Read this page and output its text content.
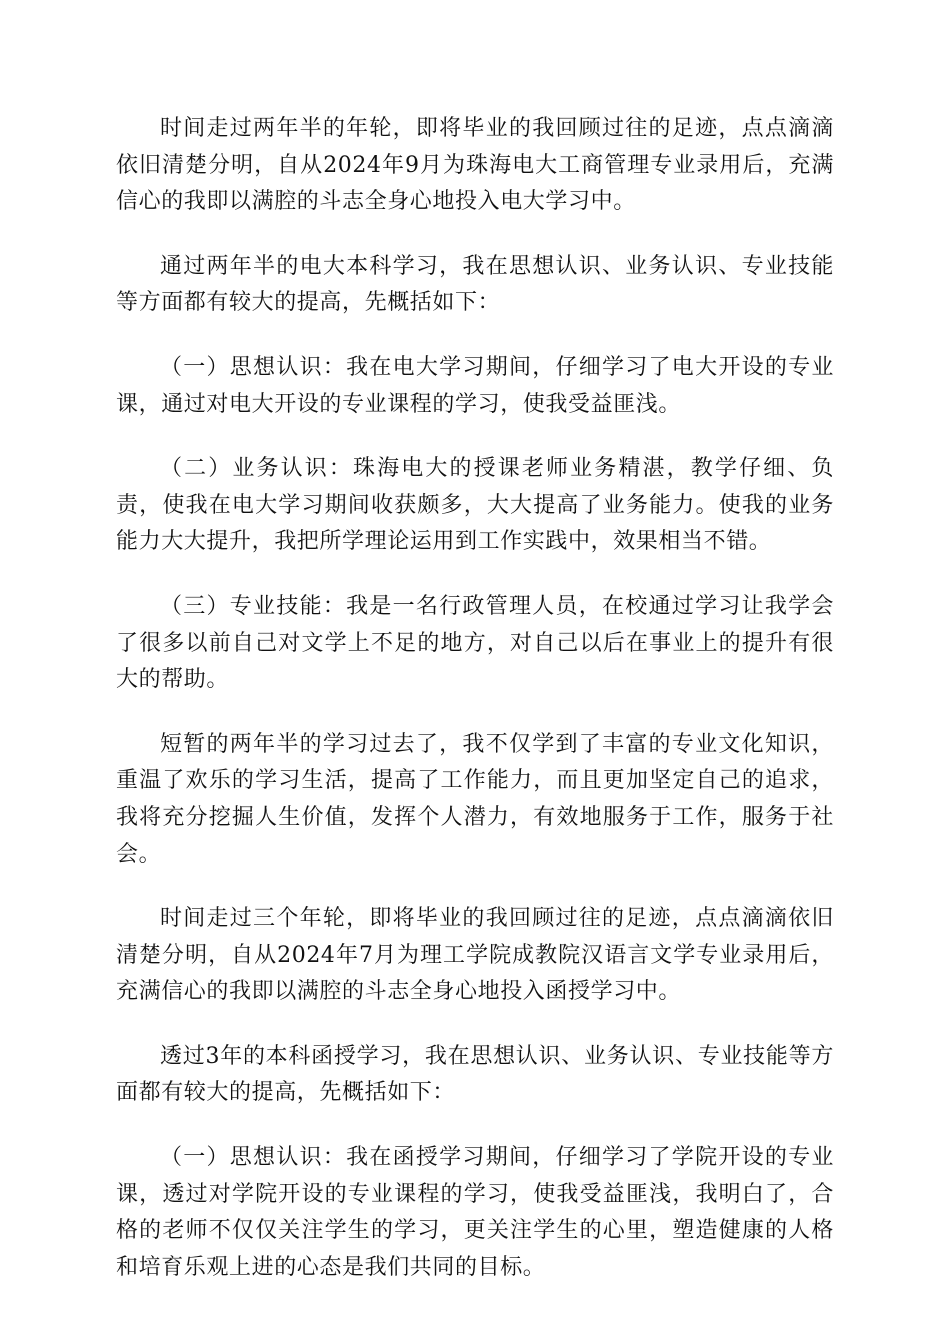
时间走过两年半的年轮，即将毕业的我回顾过往的足迹，点点滴滴依旧清楚分明，自从2024年9月为珠海电大工商管理专业录用后，充满信心的我即以满腔的斗志全身心地投入电大学习中。

通过两年半的电大本科学习，我在思想认识、业务认识、专业技能等方面都有较大的提高，先概括如下：

（一）思想认识：我在电大学习期间，仔细学习了电大开设的专业课，通过对电大开设的专业课程的学习，使我受益匪浅。

（二）业务认识：珠海电大的授课老师业务精湛，教学仔细、负责，使我在电大学习期间收获颇多，大大提高了业务能力。使我的业务能力大大提升，我把所学理论运用到工作实践中，效果相当不错。

（三）专业技能：我是一名行政管理人员，在校通过学习让我学会了很多以前自己对文学上不足的地方，对自己以后在事业上的提升有很大的帮助。

短暂的两年半的学习过去了，我不仅学到了丰富的专业文化知识，重温了欢乐的学习生活，提高了工作能力，而且更加坚定自己的追求，我将充分挖掘人生价值，发挥个人潜力，有效地服务于工作，服务于社会。

时间走过三个年轮，即将毕业的我回顾过往的足迹，点点滴滴依旧清楚分明，自从2024年7月为理工学院成教院汉语言文学专业录用后，充满信心的我即以满腔的斗志全身心地投入函授学习中。

透过3年的本科函授学习，我在思想认识、业务认识、专业技能等方面都有较大的提高，先概括如下：

（一）思想认识：我在函授学习期间，仔细学习了学院开设的专业课，透过对学院开设的专业课程的学习，使我受益匪浅，我明白了，合格的老师不仅仅关注学生的学习，更关注学生的心里，塑造健康的人格和培育乐观上进的心态是我们共同的目标。
